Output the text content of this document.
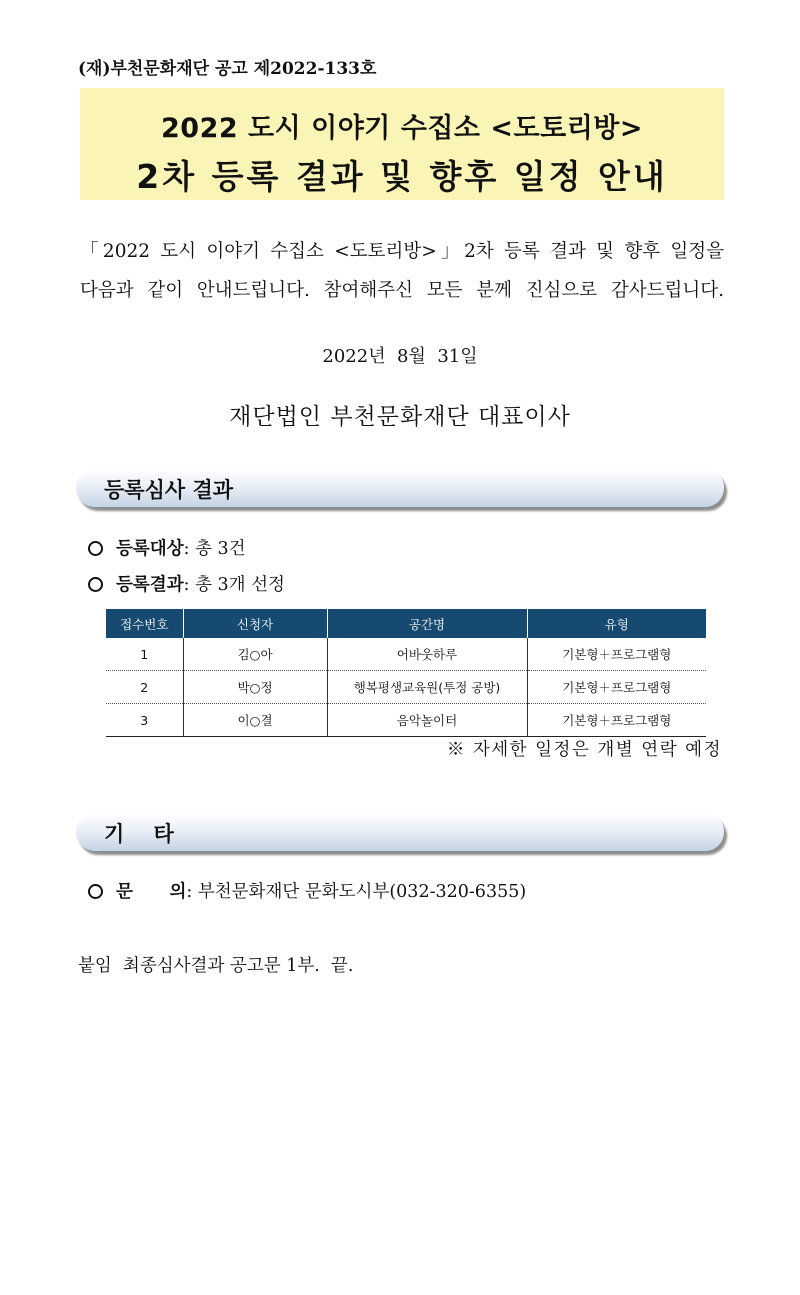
(재)부천문화재단 공고 제2022-133호
2022 도시 이야기 수집소 <도토리방>
2차 등록 결과 및 향후 일정 안내
「2022 도시 이야기 수집소 <도토리방>」2차 등록 결과 및 향후 일정을
다음과 같이 안내드립니다. 참여해주신 모든 분께 진심으로 감사드립니다.
2022년  8월  31일
재단법인 부천문화재단 대표이사
등록심사 결과
등록대상: 총 3건
등록결과: 총 3개 선정
접수번호	신청자	공간명	유형
1	김○아	어바웃하루	기본형＋프로그램형
2	박○정	행복평생교육원(투정 공방)	기본형＋프로그램형
3	이○결	음악놀이터	기본형＋프로그램형
※ 자세한 일정은 개별 연락 예정
기    타
문      의: 부천문화재단 문화도시부(032-320-6355)
붙임  최종심사결과 공고문 1부.  끝.
